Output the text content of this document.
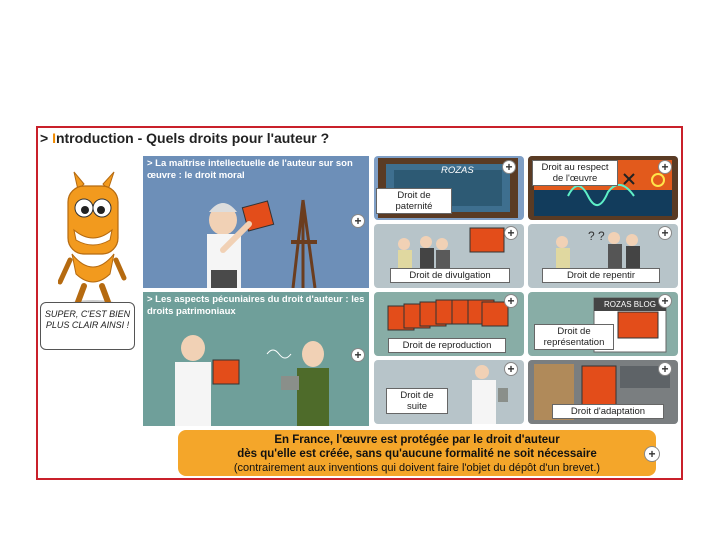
> Introduction - Quels droits pour l'auteur ?
SUPER, C'EST BIEN PLUS CLAIR AINSI !
> La maîtrise intellectuelle de l'auteur sur son œuvre : le droit moral
+
> Les aspects pécuniaires du droit d'auteur : les droits patrimoniaux
+
ROZAS
Droit de paternité
+	Droit au respect de l'œuvre
+
Droit de divulgation
+	? ?
Droit de repentir
+
Droit de reproduction
+	ROZAS BLOG
Droit de représentation
+
Droit de suite
+
Droit d'adaptation
+
En France, l'œuvre est protégée par le droit d'auteur
dès qu'elle est créée, sans qu'aucune formalité ne soit nécessaire
(contrairement aux inventions qui doivent faire l'objet du dépôt d'un brevet.)
+
